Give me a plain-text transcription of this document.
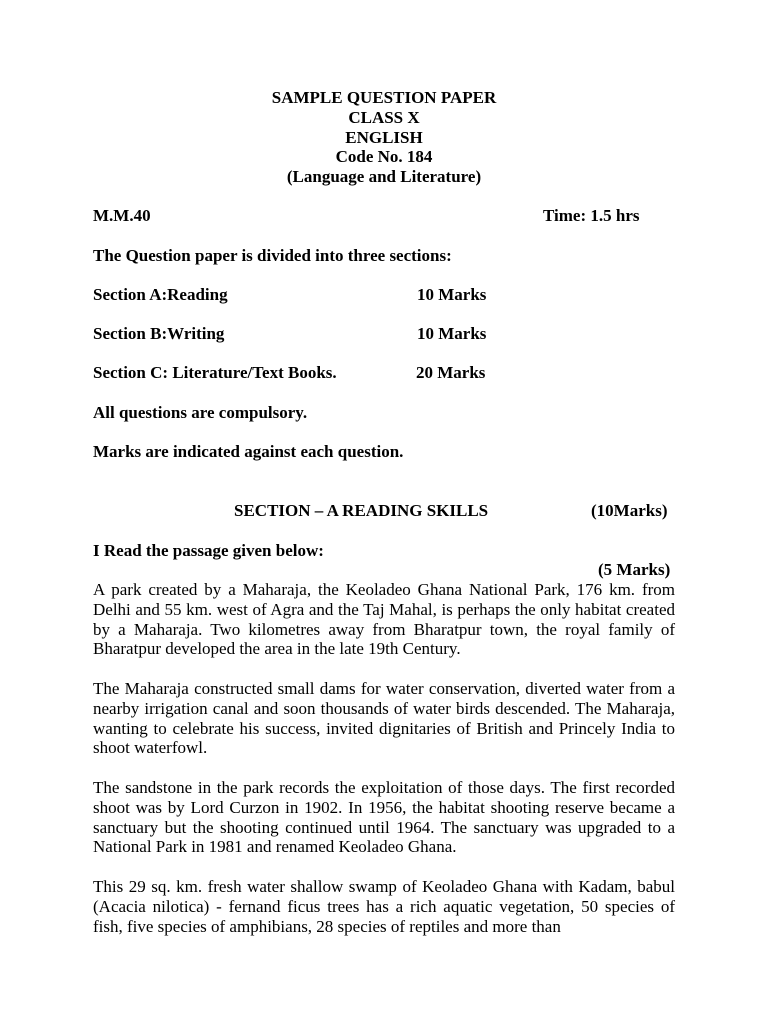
SAMPLE QUESTION PAPER
CLASS X
ENGLISH
Code No. 184
(Language and Literature)
M.M.40	Time: 1.5 hrs
The Question paper is divided into three sections:
Section A:Reading	10 Marks
Section B:Writing	10 Marks
Section C: Literature/Text Books.	20 Marks
All questions are compulsory.
Marks are indicated against each question.
SECTION – A READING SKILLS	(10Marks)
I Read the passage given below:
(5 Marks)
A park created by a Maharaja, the Keoladeo Ghana National Park, 176 km. from Delhi and 55 km. west of Agra and the Taj Mahal, is perhaps the only habitat created by a Maharaja. Two kilometres away from Bharatpur town, the royal family of Bharatpur developed the area in the late 19th Century.
The Maharaja constructed small dams for water conservation, diverted water from a nearby irrigation canal and soon thousands of water birds descended. The Maharaja, wanting to celebrate his success, invited dignitaries of British and Princely India to shoot waterfowl.
The sandstone in the park records the exploitation of those days. The first recorded shoot was by Lord Curzon in 1902. In 1956, the habitat shooting reserve became a sanctuary but the shooting continued until 1964. The sanctuary was upgraded to a National Park in 1981 and renamed Keoladeo Ghana.
This 29 sq. km. fresh water shallow swamp of Keoladeo Ghana with Kadam, babul (Acacia nilotica) - fernand ficus trees has a rich aquatic vegetation, 50 species of fish, five species of amphibians, 28 species of reptiles and more than
